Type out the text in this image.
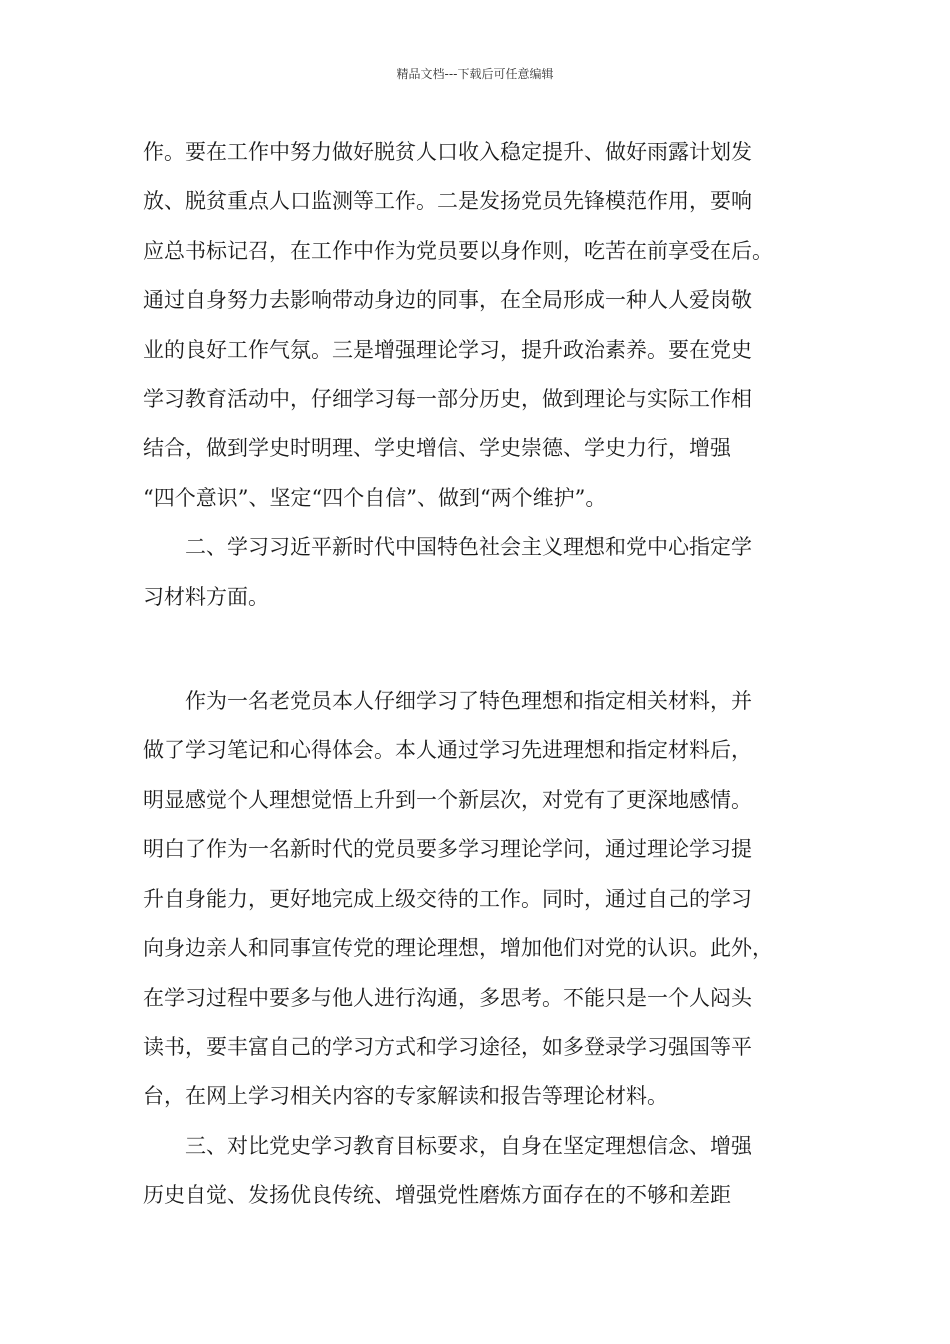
精品文档---下载后可任意编辑
作。要在工作中努力做好脱贫人口收入稳定提升、做好雨露计划发
放、脱贫重点人口监测等工作。二是发扬党员先锋模范作用，要响
应总书标记召，在工作中作为党员要以身作则，吃苦在前享受在后。
通过自身努力去影响带动身边的同事，在全局形成一种人人爱岗敬
业的良好工作气氛。三是增强理论学习，提升政治素养。要在党史
学习教育活动中，仔细学习每一部分历史，做到理论与实际工作相
结合，做到学史时明理、学史增信、学史崇德、学史力行，增强
“四个意识”、坚定“四个自信”、做到“两个维护”。
二、学习习近平新时代中国特色社会主义理想和党中心指定学
习材料方面。
作为一名老党员本人仔细学习了特色理想和指定相关材料，并
做了学习笔记和心得体会。本人通过学习先进理想和指定材料后，
明显感觉个人理想觉悟上升到一个新层次，对党有了更深地感情。
明白了作为一名新时代的党员要多学习理论学问，通过理论学习提
升自身能力，更好地完成上级交待的工作。同时，通过自己的学习
向身边亲人和同事宣传党的理论理想，增加他们对党的认识。此外，
在学习过程中要多与他人进行沟通，多思考。不能只是一个人闷头
读书，要丰富自己的学习方式和学习途径，如多登录学习强国等平
台，在网上学习相关内容的专家解读和报告等理论材料。
三、对比党史学习教育目标要求，自身在坚定理想信念、增强
历史自觉、发扬优良传统、增强党性磨炼方面存在的不够和差距
